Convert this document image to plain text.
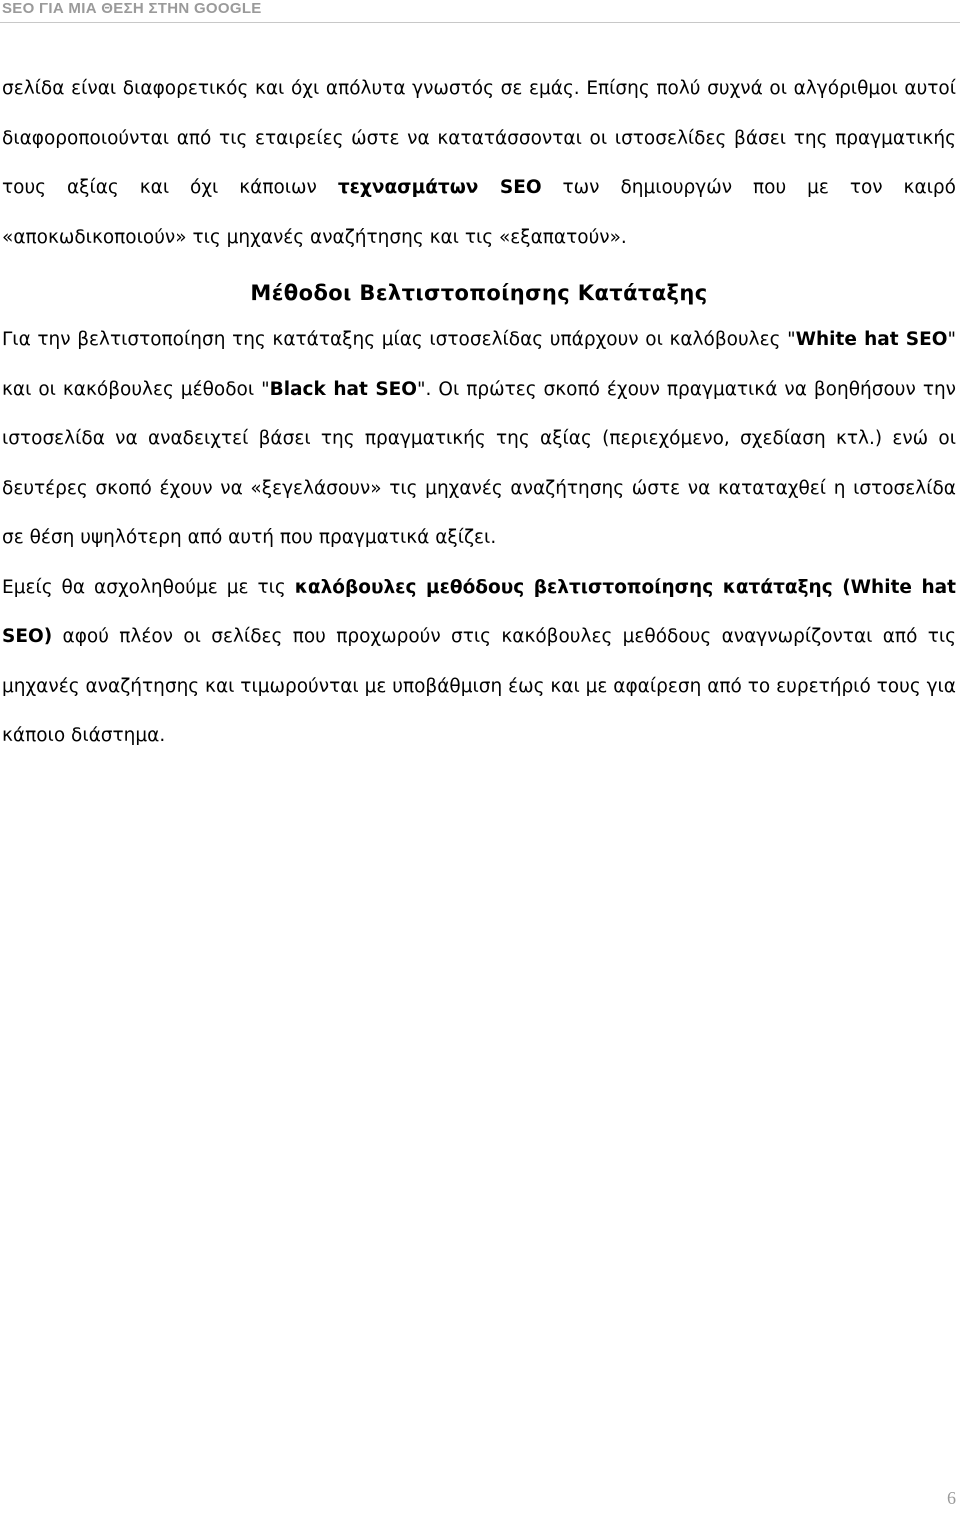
SEO ΓΙΑ ΜΙΑ ΘΕΣΗ ΣΤΗΝ GOOGLE

σελίδα είναι διαφορετικός και όχι απόλυτα γνωστός σε εμάς. Επίσης πολύ συχνά οι αλγόριθμοι αυτοί διαφοροποιούνται από τις εταιρείες ώστε να κατατάσσονται οι ιστοσελίδες βάσει της πραγματικής τους αξίας και όχι κάποιων τεχνασμάτων SEO των δημιουργών που με τον καιρό «αποκωδικοποιούν» τις μηχανές αναζήτησης και τις «εξαπατούν».

Μέθοδοι Βελτιστοποίησης Κατάταξης

Για την βελτιστοποίηση της κατάταξης μίας ιστοσελίδας υπάρχουν οι καλόβουλες "White hat SEO" και οι κακόβουλες μέθοδοι "Black hat SEO". Οι πρώτες σκοπό έχουν πραγματικά να βοηθήσουν την ιστοσελίδα να αναδειχτεί βάσει της πραγματικής της αξίας (περιεχόμενο, σχεδίαση κτλ.) ενώ οι δευτέρες σκοπό έχουν να «ξεγελάσουν» τις μηχανές αναζήτησης ώστε να καταταχθεί η ιστοσελίδα σε θέση υψηλότερη από αυτή που πραγματικά αξίζει.

Εμείς θα ασχοληθούμε με τις καλόβουλες μεθόδους βελτιστοποίησης κατάταξης (White hat SEO) αφού πλέον οι σελίδες που προχωρούν στις κακόβουλες μεθόδους αναγνωρίζονται από τις μηχανές αναζήτησης και τιμωρούνται με υποβάθμιση έως και με αφαίρεση από το ευρετήριό τους για κάποιο διάστημα.

6
